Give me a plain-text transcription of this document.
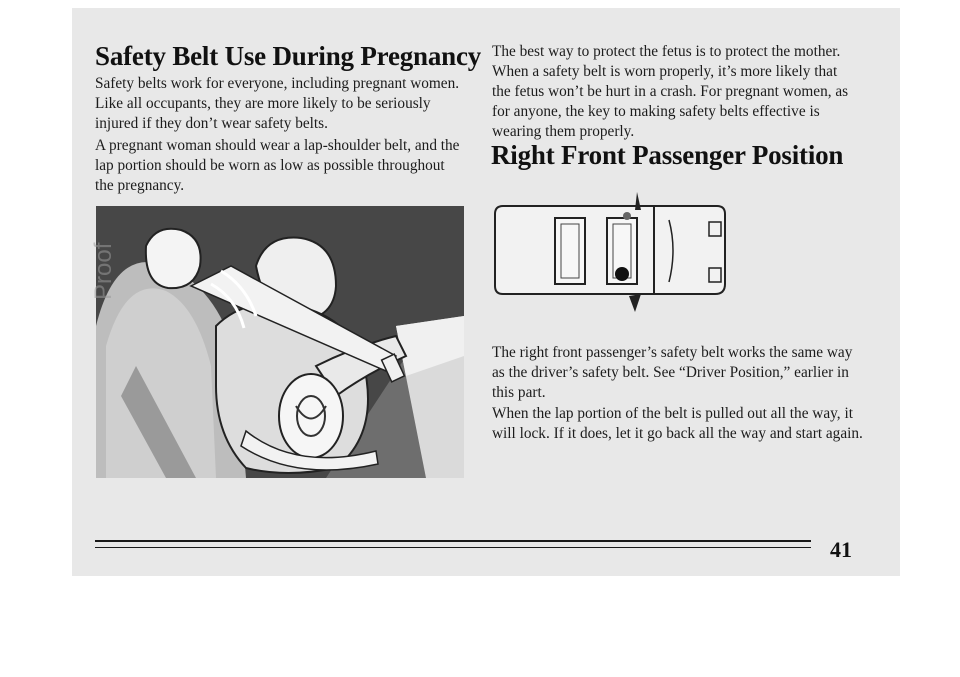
Safety Belt Use During Pregnancy

Safety belts work for everyone, including pregnant women. Like all occupants, they are more likely to be seriously injured if they don’t wear safety belts.

A pregnant woman should wear a lap-shoulder belt, and the lap portion should be worn as low as possible throughout the pregnancy.

Proof

The best way to protect the fetus is to protect the mother. When a safety belt is worn properly, it’s more likely that the fetus won’t be hurt in a crash. For pregnant women, as for anyone, the key to making safety belts effective is wearing them properly.

Right Front Passenger Position

The right front passenger’s safety belt works the same way as the driver’s safety belt. See “Driver Position,” earlier in this part.

When the lap portion of the belt is pulled out all the way, it will lock. If it does, let it go back all the way and start again.

41
